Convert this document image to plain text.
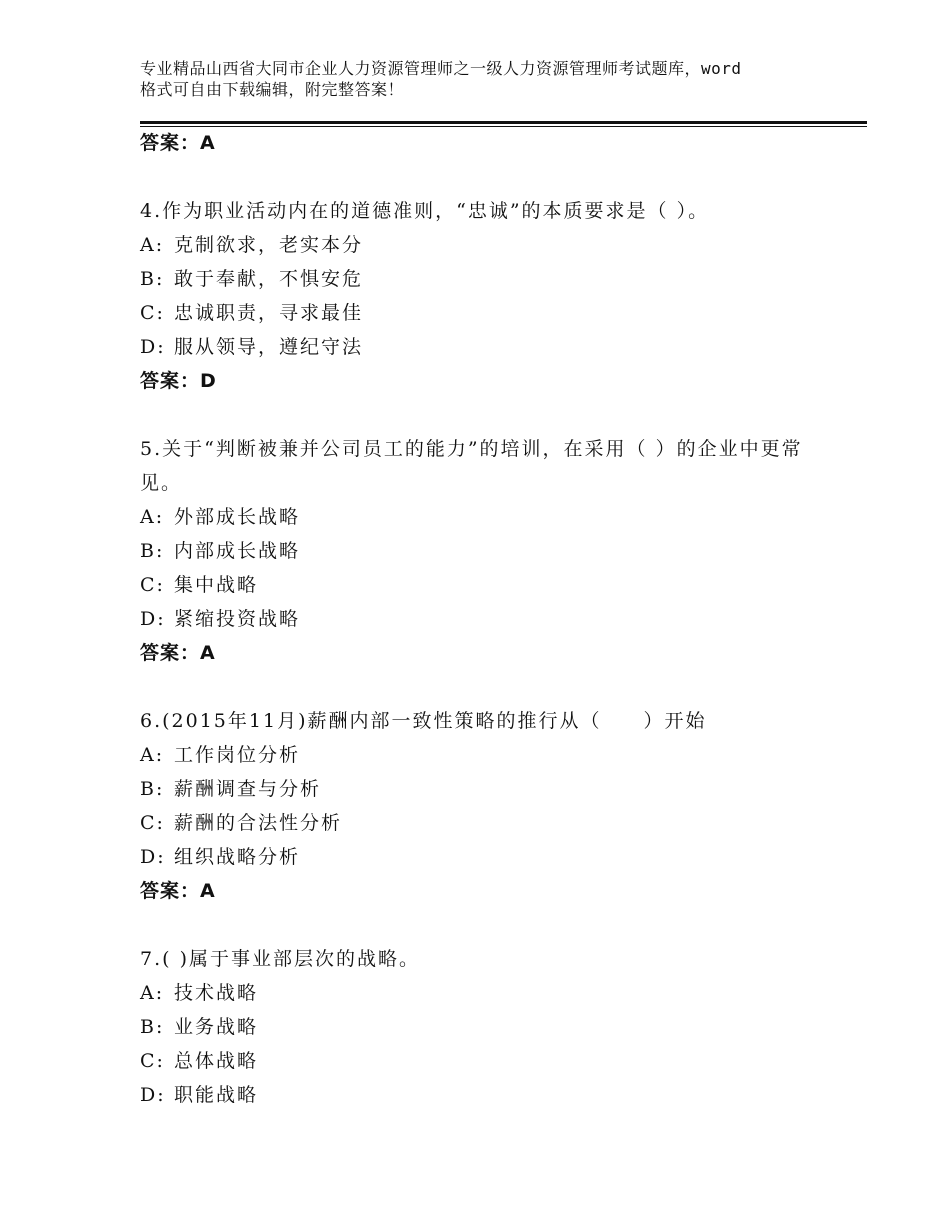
专业精品山西省大同市企业人力资源管理师之一级人力资源管理师考试题库，word
格式可自由下载编辑，附完整答案！
答案：A
4.作为职业活动内在的道德准则，“忠诚”的本质要求是（ ）。
A: 克制欲求，老实本分
B: 敢于奉献，不惧安危
C: 忠诚职责，寻求最佳
D: 服从领导，遵纪守法
答案：D
5.关于“判断被兼并公司员工的能力”的培训，在采用（ ）的企业中更常见。
A: 外部成长战略
B: 内部成长战略
C: 集中战略
D: 紧缩投资战略
答案：A
6.(2015年11月)薪酬内部一致性策略的推行从（　　）开始
A: 工作岗位分析
B: 薪酬调查与分析
C: 薪酬的合法性分析
D: 组织战略分析
答案：A
7.( )属于事业部层次的战略。
A: 技术战略
B: 业务战略
C: 总体战略
D: 职能战略
